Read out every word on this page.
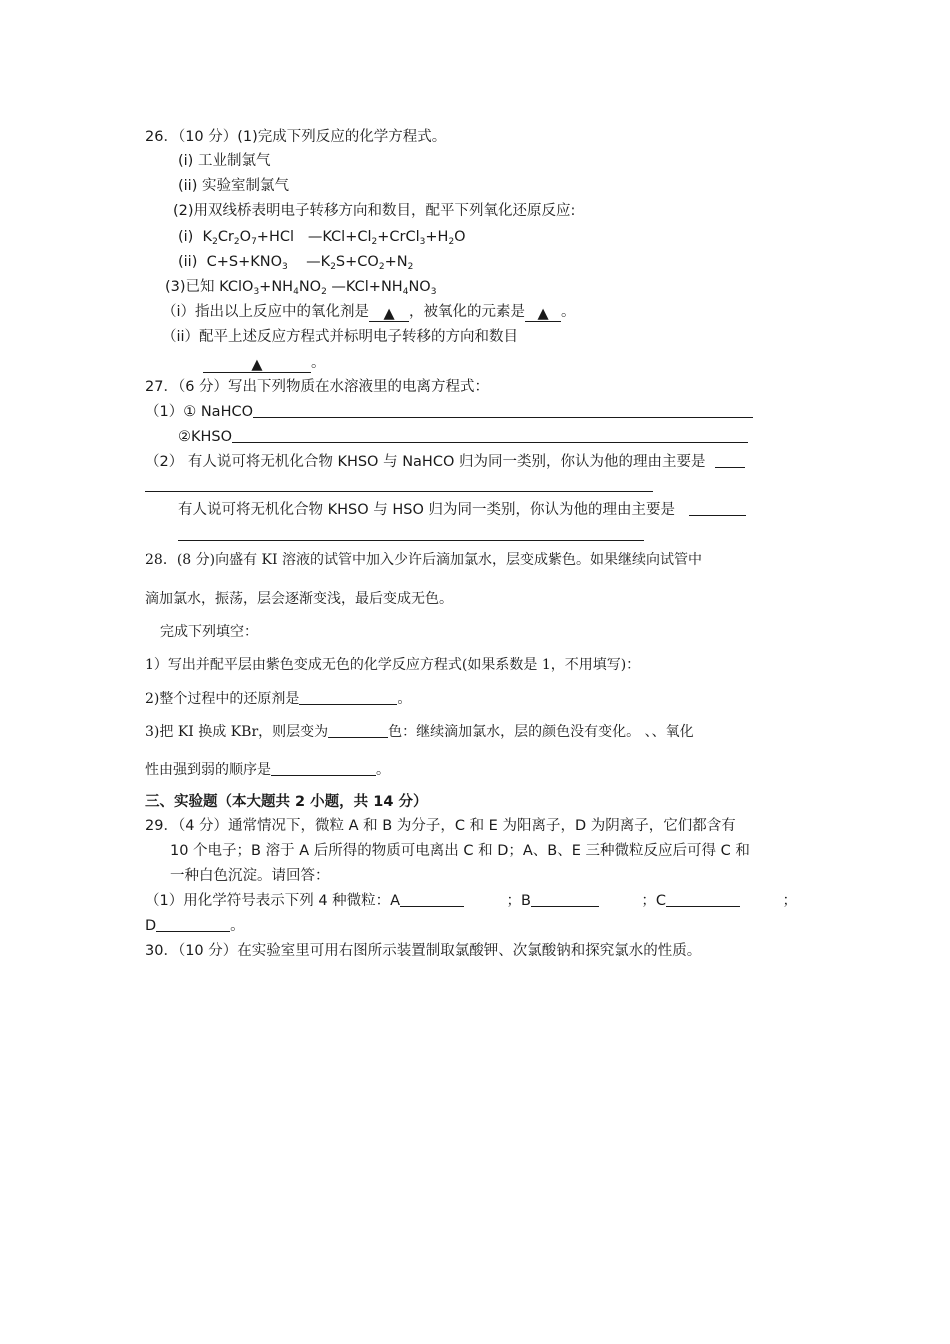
26．（10 分）(1)完成下列反应的化学方程式。
(i) 工业制氯气
(ii) 实验室制氯气
(2)用双线桥表明电子转移方向和数目，配平下列氧化还原反应:
(i)  $K_2Cr_2O_7+HCl$   $—KCl+Cl_2+CrCl_3+H_2O$
(ii)  $C+S+KNO_3$    $—K_2S+CO_2+N_2$
(3)已知 $KClO_3+NH_4NO_2$ $—KCl+NH_4NO_3$
（i）指出以上反应中的氧化剂是 ▲ ，被氧化的元素是 ▲ 。
（ii）配平上述反应方程式并标明电子转移的方向和数目
▲	。
27．（6 分）写出下列物质在水溶液里的电离方程式：
（1）① NaHCO
②KHSO
（2） 有人说可将无机化合物 KHSO 与 NaHCO 归为同一类别，你认为他的理由主要是
有人说可将无机化合物 KHSO 与 HSO 归为同一类别，你认为他的理由主要是
28．(8 分)向盛有 KI 溶液的试管中加入少许后滴加氯水，层变成紫色。如果继续向试管中
滴加氯水，振荡，层会逐渐变浅，最后变成无色。
完成下列填空：
1）写出并配平层由紫色变成无色的化学反应方程式(如果系数是 1，不用填写)：
2)整个过程中的还原剂是	。
3)把 KI 换成 KBr，则层变为	色：继续滴加氯水，层的颜色没有变化。 、、氧化
性由强到弱的顺序是	。
三、实验题（本大题共 2 小题，共 14 分）
29．（4 分）通常情况下，微粒 A 和 B 为分子，C 和 E 为阳离子，D 为阴离子，它们都含有
10 个电子；B 溶于 A 后所得的物质可电离出 C 和 D；A、B、E 三种微粒反应后可得 C 和
一种白色沉淀。请回答：
（1）用化学符号表示下列 4 种微粒：A	；B	；C	；
D	。
30．（10 分）在实验室里可用右图所示装置制取氯酸钾、次氯酸钠和探究氯水的性质。
